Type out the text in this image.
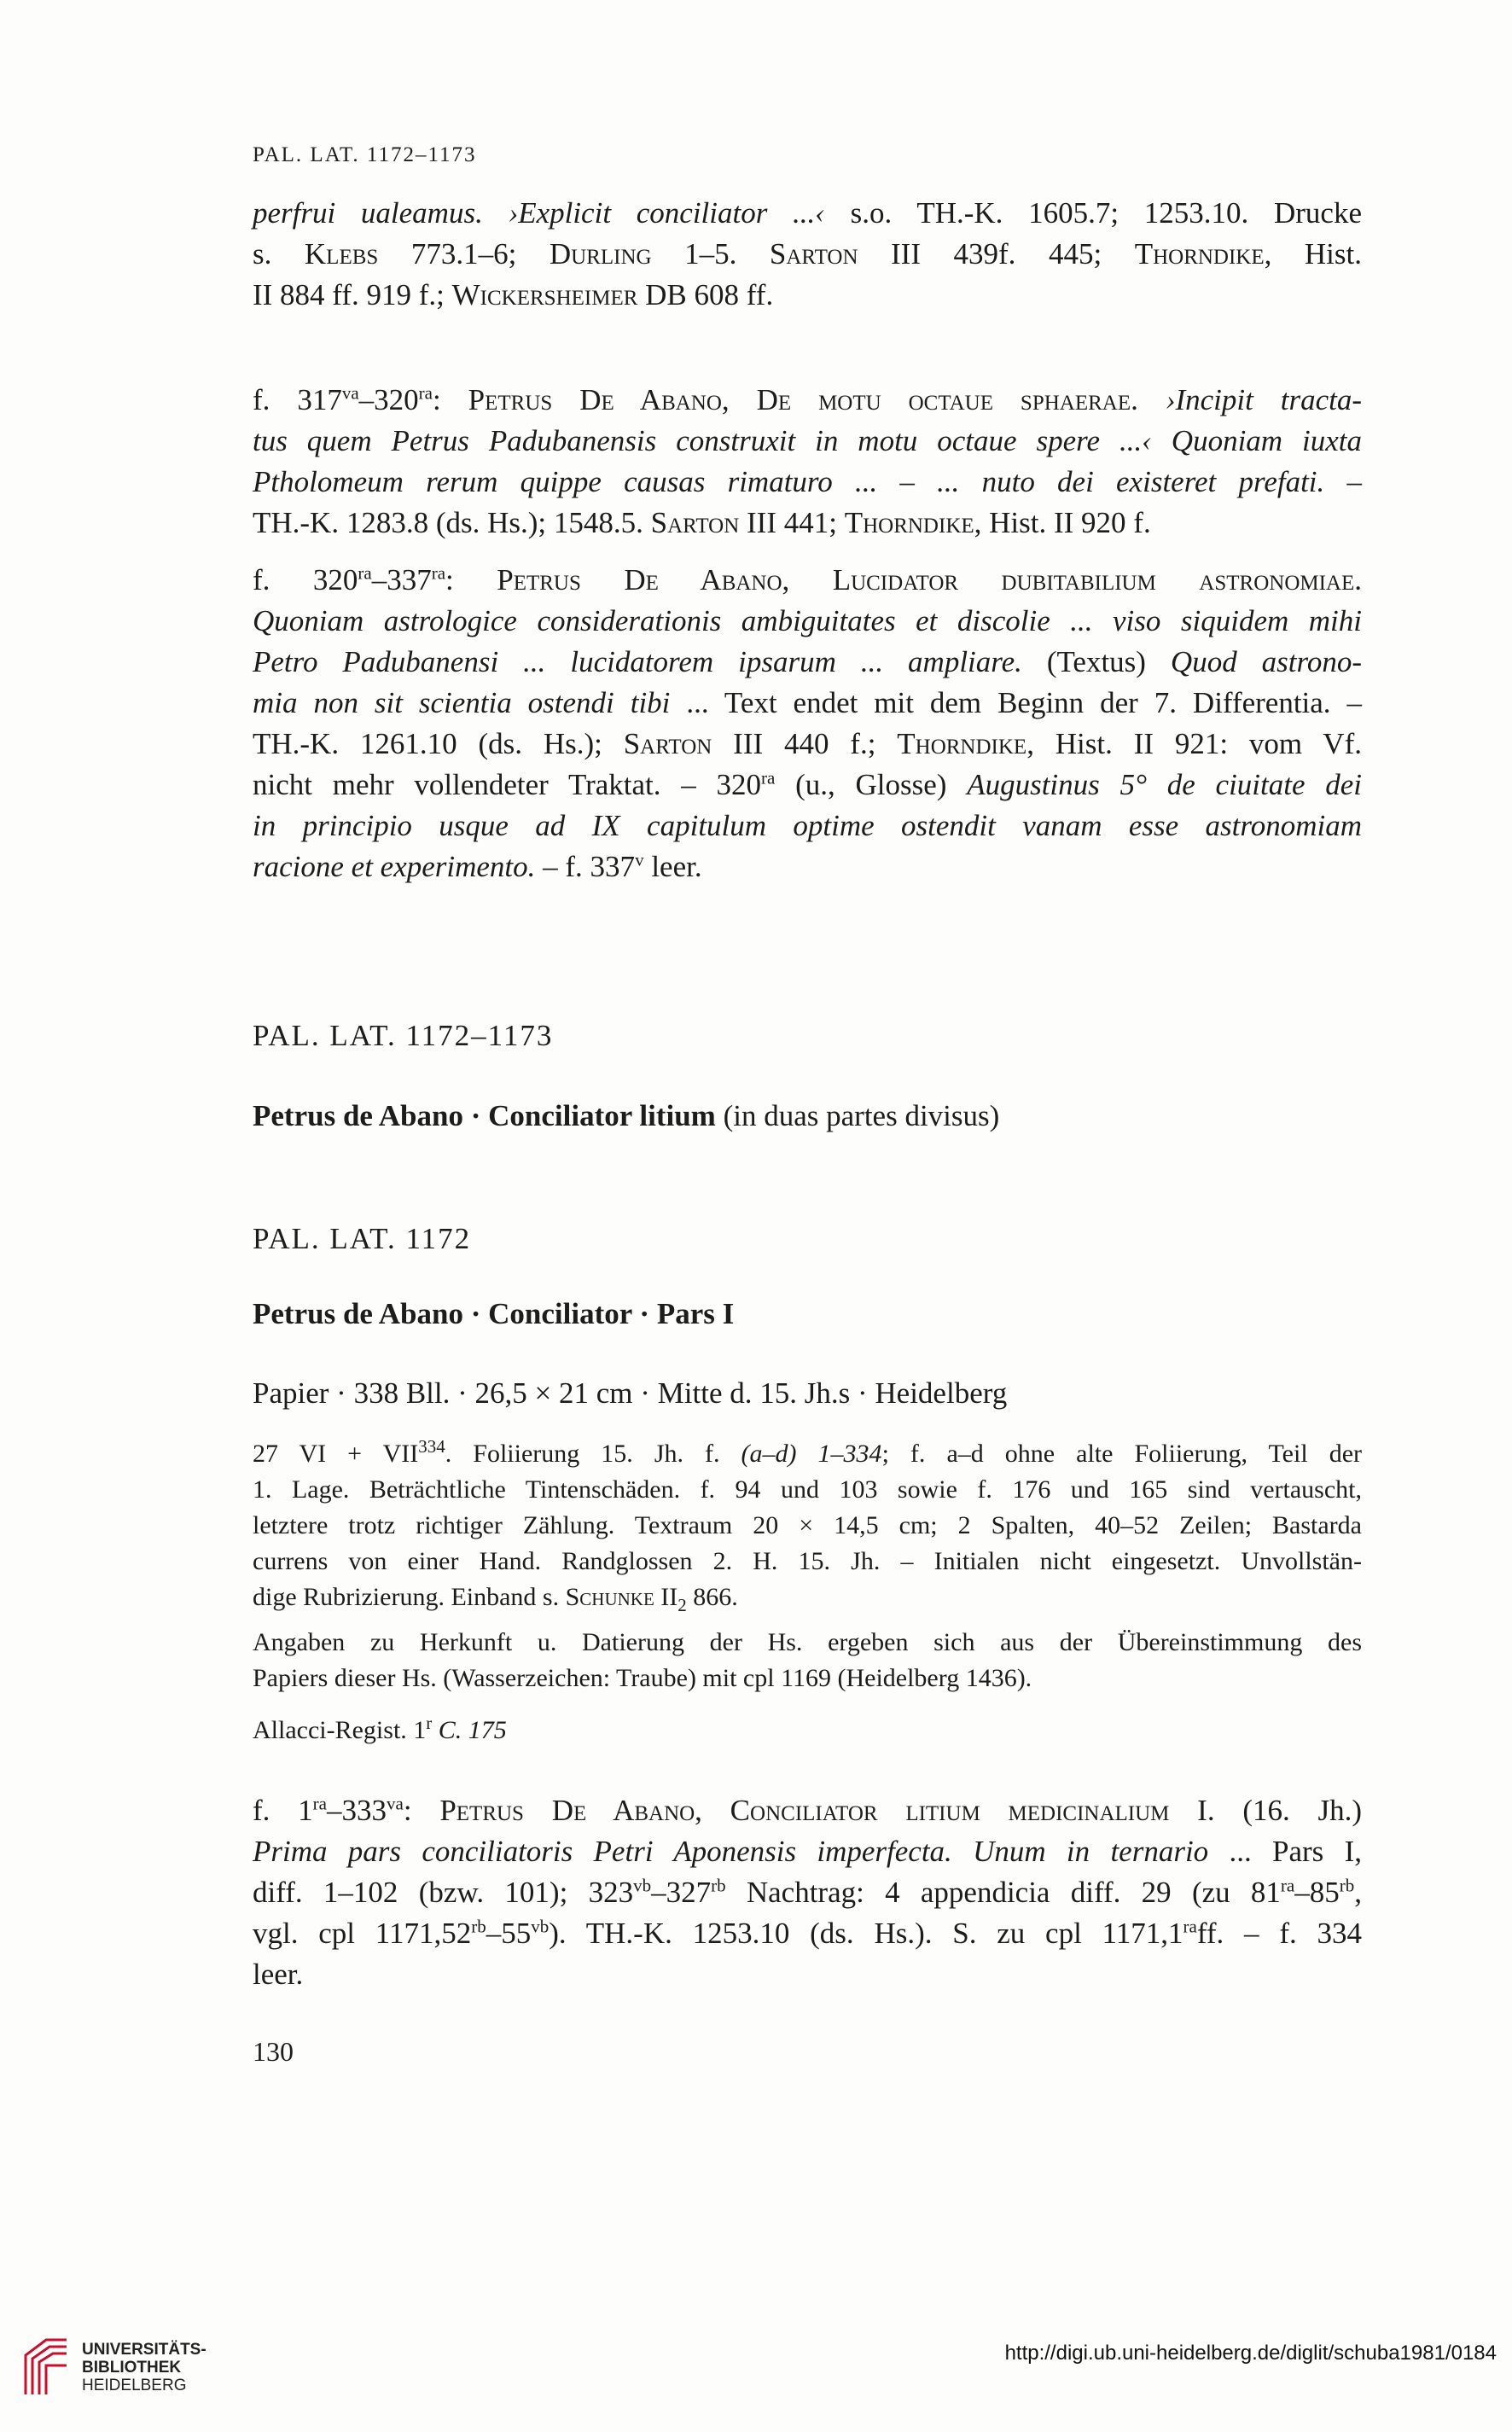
PAL. LAT. 1172–1173
perfrui ualeamus. ›Explicit conciliator ...‹ s.o. TH.-K. 1605.7; 1253.10. Drucke
s. Klebs 773.1–6; Durling 1–5. Sarton III 439f. 445; Thorndike, Hist.
II 884 ff. 919 f.; Wickersheimer DB 608 ff.
f. $317^{va}-320^{ra}$: Petrus De Abano, De motu octaue sphaerae. ›Incipit tracta-
tus quem Petrus Padubanensis construxit in motu octaue spere ...‹ Quoniam iuxta
Ptholomeum rerum quippe causas rimaturo ... – ... nuto dei existeret prefati. –
TH.-K. 1283.8 (ds. Hs.); 1548.5. Sarton III 441; Thorndike, Hist. II 920 f.
f. $320^{ra}-337^{ra}$: Petrus De Abano, Lucidator dubitabilium astronomiae.
Quoniam astrologice considerationis ambiguitates et discolie ... viso siquidem mihi
Petro Padubanensi ... lucidatorem ipsarum ... ampliare. (Textus) Quod astrono-
mia non sit scientia ostendi tibi ... Text endet mit dem Beginn der 7. Differentia. –
TH.-K. 1261.10 (ds. Hs.); Sarton III 440 f.; Thorndike, Hist. II 921: vom Vf.
nicht mehr vollendeter Traktat. – $320^{ra}$ (u., Glosse) Augustinus 5° de ciuitate dei
in principio usque ad IX capitulum optime ostendit vanam esse astronomiam
racione et experimento. – f. 337$^v$ leer.
PAL. LAT. 1172–1173
Petrus de Abano · Conciliator litium (in duas partes divisus)
PAL. LAT. 1172
Petrus de Abano · Conciliator · Pars I
Papier · 338 Bll. · 26,5 × 21 cm · Mitte d. 15. Jh.s · Heidelberg
27 VI + $VII^{334}$. Foliierung 15. Jh. f. (a–d) 1–334; f. a–d ohne alte Foliierung, Teil der
1. Lage. Beträchtliche Tintenschäden. f. 94 und 103 sowie f. 176 und 165 sind vertauscht,
letztere trotz richtiger Zählung. Textraum 20 × 14,5 cm; 2 Spalten, 40–52 Zeilen; Bastarda
currens von einer Hand. Randglossen 2. H. 15. Jh. – Initialen nicht eingesetzt. Unvollstän-
dige Rubrizierung. Einband s. Schunke $II_2$ 866.
Angaben zu Herkunft u. Datierung der Hs. ergeben sich aus der Übereinstimmung des
Papiers dieser Hs. (Wasserzeichen: Traube) mit cpl 1169 (Heidelberg 1436).
Allacci-Regist. 1$^r$ C. 175
f. $1^{ra}-333^{va}$: Petrus De Abano, Conciliator litium medicinalium I. (16. Jh.)
Prima pars conciliatoris Petri Aponensis imperfecta. Unum in ternario ... Pars I,
diff. 1–102 (bzw. 101); $323^{vb}-327^{rb}$ Nachtrag: 4 appendicia diff. 29 (zu $81^{ra}-85^{rb}$,
vgl. cpl $1171,52^{rb}-55^{vb}$). TH.-K. 1253.10 (ds. Hs.). S. zu cpl $1171,1^{ra}ff$. – f. 334
leer.
130
UNIVERSITÄTS-
BIBLIOTHEK
HEIDELBERG
http://digi.ub.uni-heidelberg.de/diglit/schuba1981/0184
